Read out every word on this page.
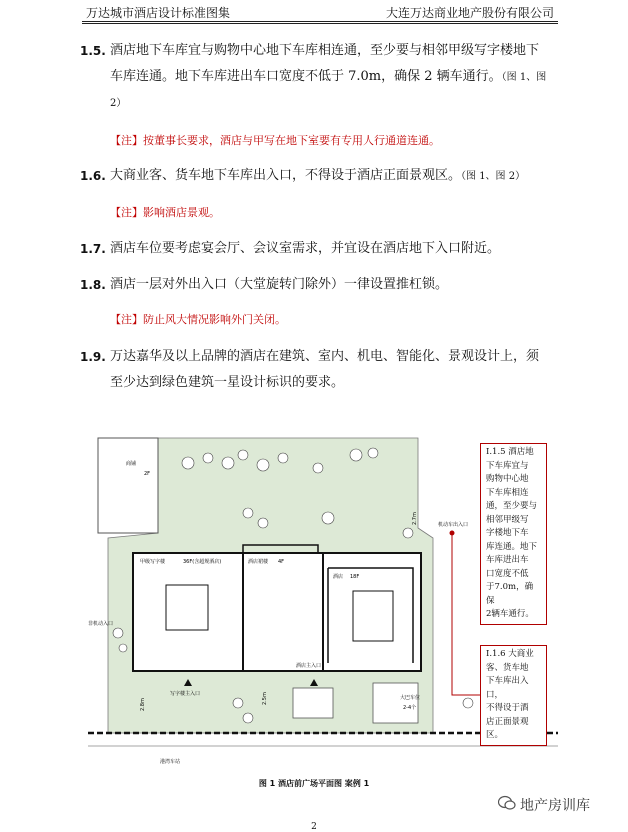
万达城市酒店设计标准图集	大连万达商业地产股份有限公司
1.5. 酒店地下车库宜与购物中心地下车库相连通，至少要与相邻甲级写字楼地下
车库连通。地下车库进出车口宽度不低于 7.0m，确保 2 辆车通行。（图 1、图
2）
【注】按董事长要求，酒店与甲写在地下室要有专用人行通道连通。
1.6. 大商业客、货车地下车库出入口，不得设于酒店正面景观区。（图 1、图 2）
【注】影响酒店景观。
1.7. 酒店车位要考虑宴会厅、会议室需求，并宜设在酒店地下入口附近。
1.8. 酒店一层对外出入口（大堂旋转门除外）一律设置推杠锁。
【注】防止风大情况影响外门关闭。
1.9. 万达嘉华及以上品牌的酒店在建筑、室内、机电、智能化、景观设计上，须
至少达到绿色建筑一星设计标识的要求。
商铺
2F
甲级写字楼	36F(含超规酒店)	酒店裙楼 4F
酒店 18F
酒店主入口
写字楼主入口
大巴车位
2-4个
港湾车站
非机动入口
机动车出入口
2.7m
2.8m	2.5m
I.1.5 酒店地
下车库宜与
购物中心地
下车库相连
通，至少要与
相邻甲级写
字楼地下车
库连通。地下
车库进出车
口宽度不低
于7.0m，确保
2辆车通行。
I.1.6 大商业
客、货车地
下车库出入口，
不得设于酒
店正面景观区。
图 1 酒店前广场平面图 案例 1
地产房训库
2
